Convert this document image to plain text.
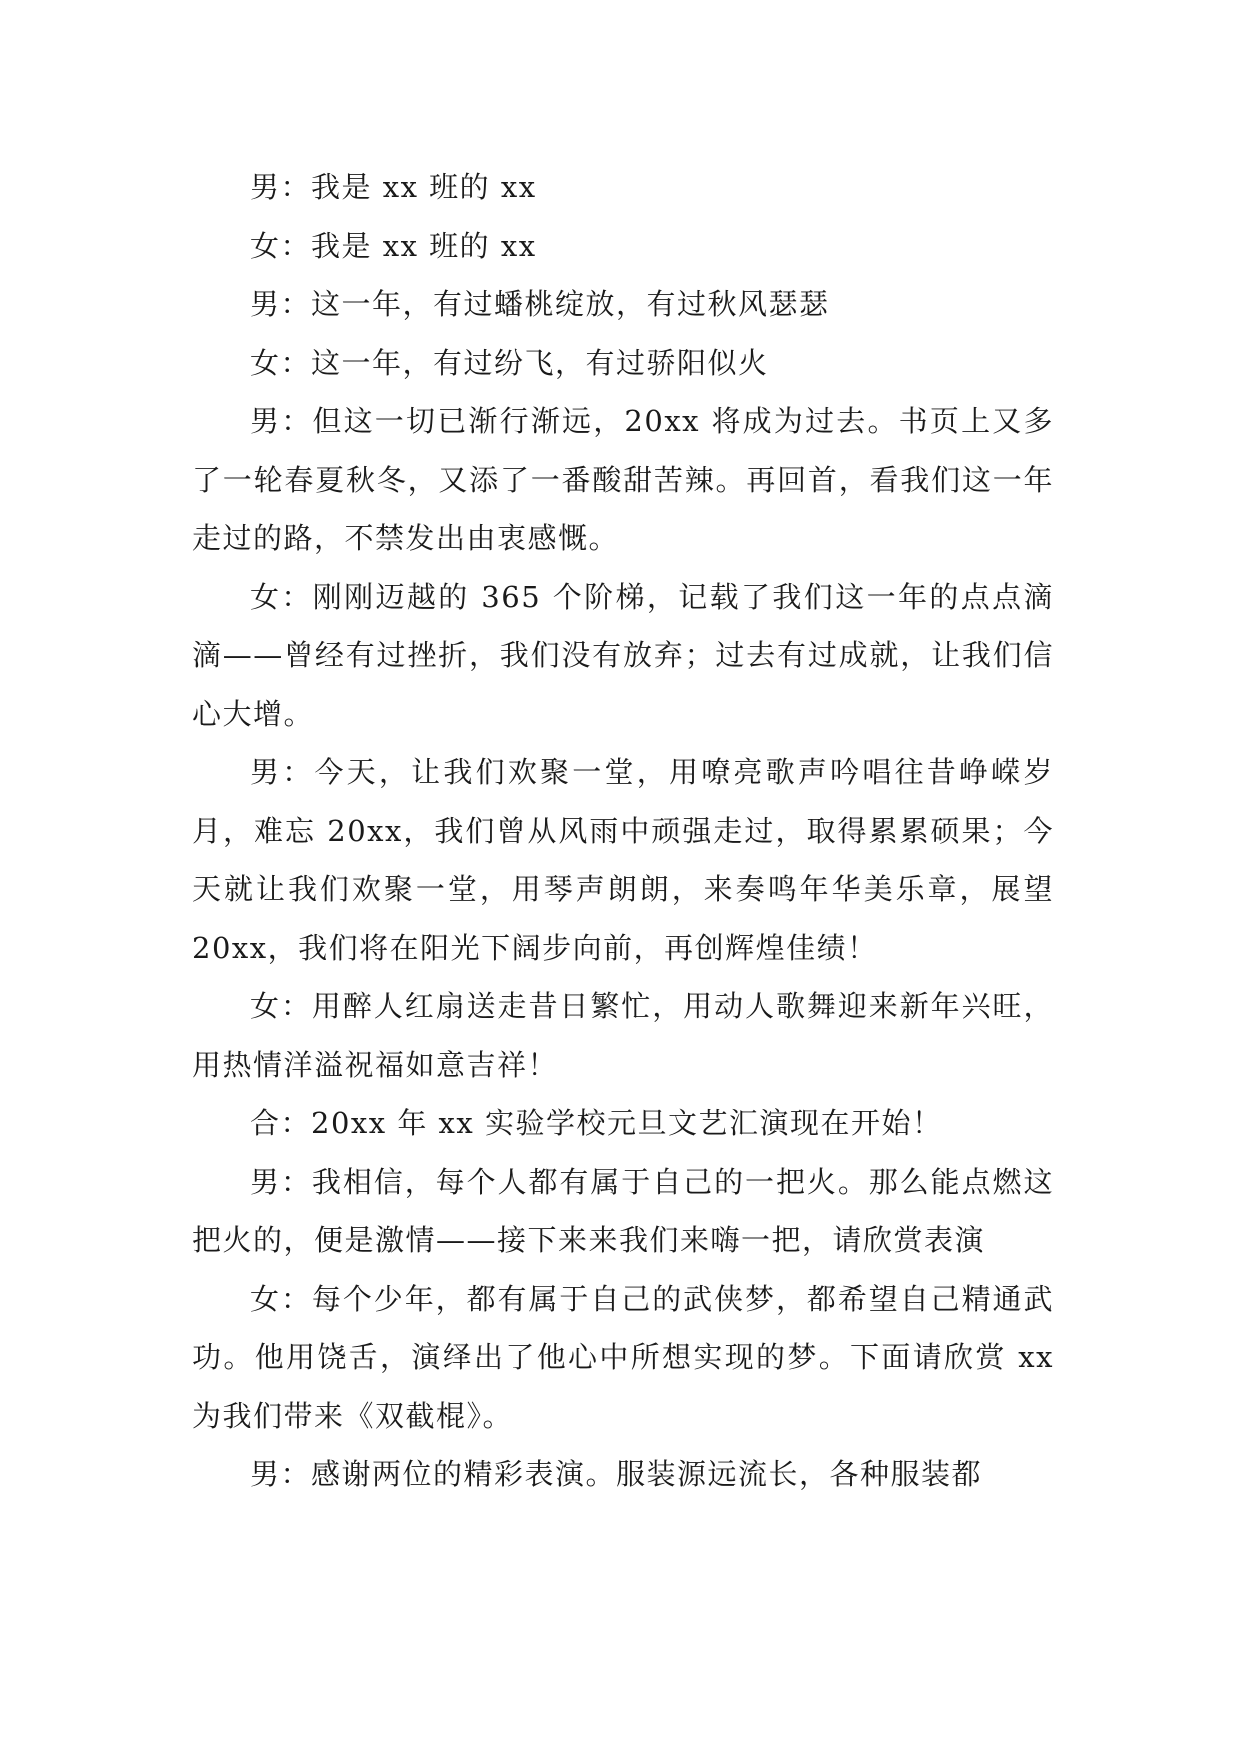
男：我是 xx 班的 xx

女：我是 xx 班的 xx

男：这一年，有过蟠桃绽放，有过秋风瑟瑟

女：这一年，有过纷飞，有过骄阳似火

男：但这一切已渐行渐远，20xx 将成为过去。书页上又多了一轮春夏秋冬，又添了一番酸甜苦辣。再回首，看我们这一年走过的路，不禁发出由衷感慨。

女：刚刚迈越的 365 个阶梯，记载了我们这一年的点点滴滴——曾经有过挫折，我们没有放弃；过去有过成就，让我们信心大增。

男：今天，让我们欢聚一堂，用嘹亮歌声吟唱往昔峥嵘岁月，难忘 20xx，我们曾从风雨中顽强走过，取得累累硕果；今天就让我们欢聚一堂，用琴声朗朗，来奏鸣年华美乐章，展望 20xx，我们将在阳光下阔步向前，再创辉煌佳绩！

女：用醉人红扇送走昔日繁忙，用动人歌舞迎来新年兴旺，用热情洋溢祝福如意吉祥！

合：20xx 年 xx 实验学校元旦文艺汇演现在开始！

男：我相信，每个人都有属于自己的一把火。那么能点燃这把火的，便是激情——接下来来我们来嗨一把，请欣赏表演

女：每个少年，都有属于自己的武侠梦，都希望自己精通武功。他用饶舌，演绎出了他心中所想实现的梦。下面请欣赏 xx 为我们带来《双截棍》。

男：感谢两位的精彩表演。服装源远流长，各种服装都
